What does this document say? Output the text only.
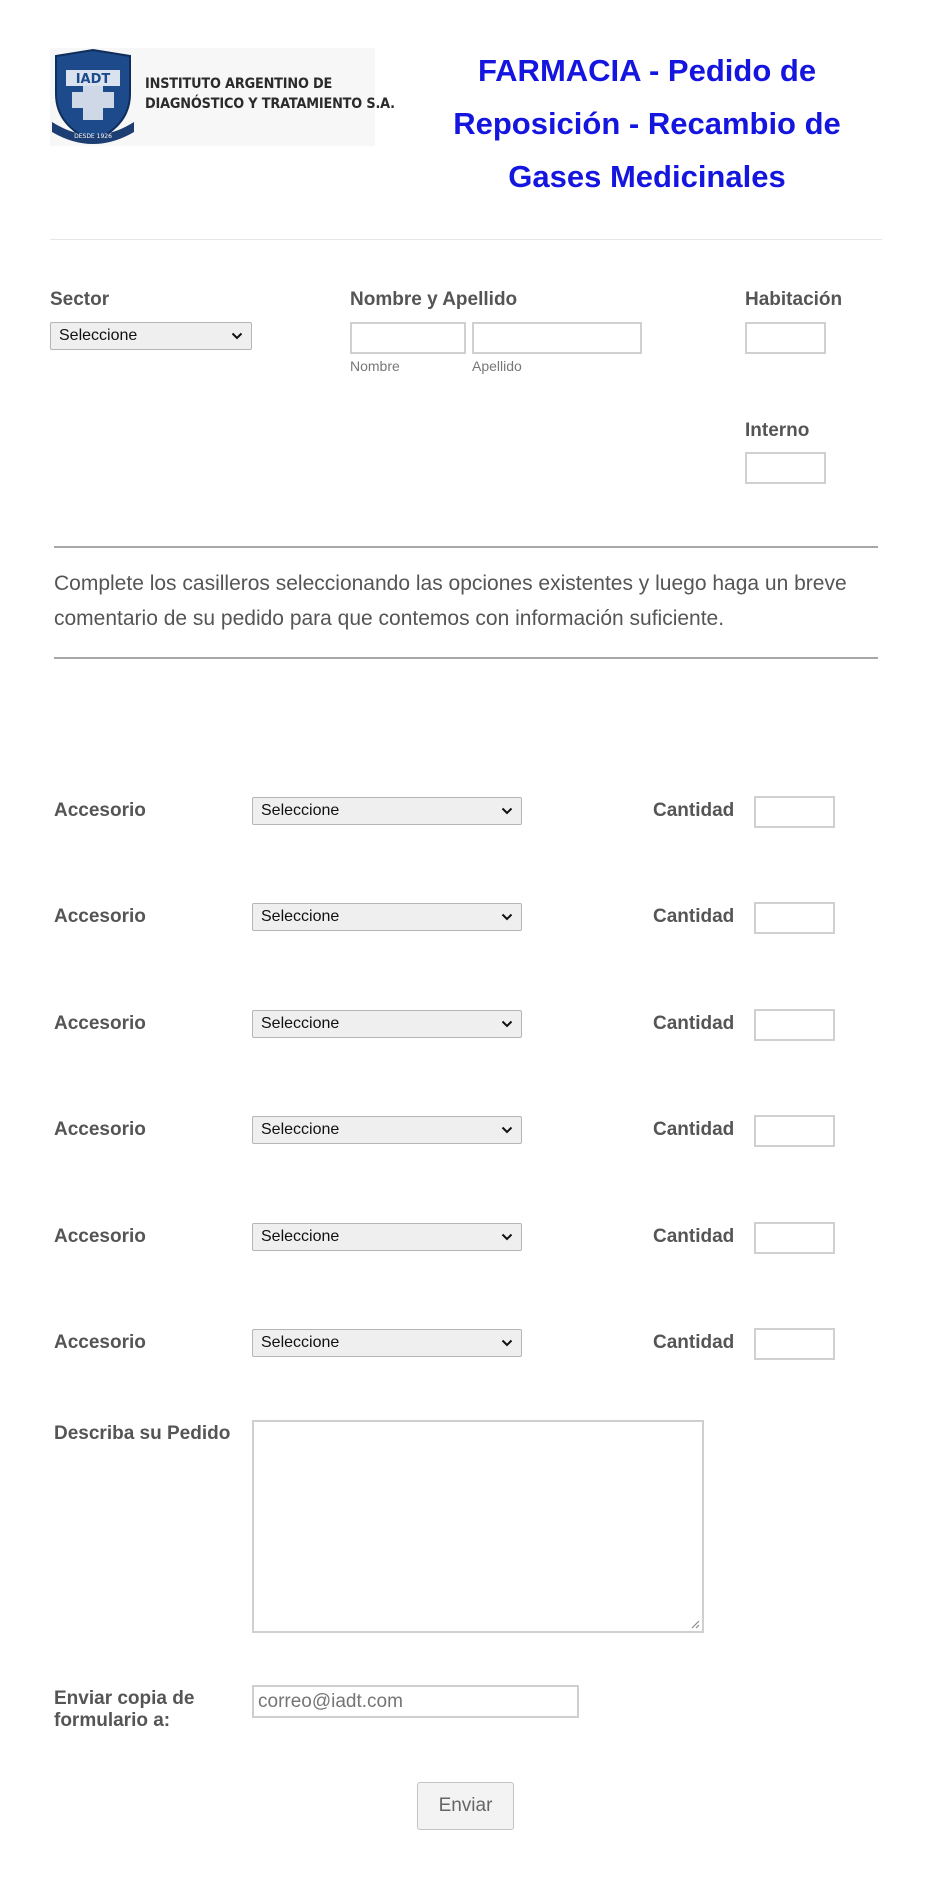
IADT
DESDE 1926
INSTITUTO ARGENTINO DE
DIAGNÓSTICO Y TRATAMIENTO S.A.
FARMACIA - Pedido de
Reposición - Recambio de
Gases Medicinales
Sector
Seleccione
Nombre y Apellido
Nombre	Apellido
Habitación
Interno
Complete los casilleros seleccionando las opciones existentes y luego haga un breve
comentario de su pedido para que contemos con información suficiente.
Accesorio	Seleccione	Cantidad
Accesorio	Seleccione	Cantidad
Accesorio	Seleccione	Cantidad
Accesorio	Seleccione	Cantidad
Accesorio	Seleccione	Cantidad
Accesorio	Seleccione	Cantidad
Describa su Pedido
Enviar copia de
formulario a:
correo@iadt.com
Enviar
